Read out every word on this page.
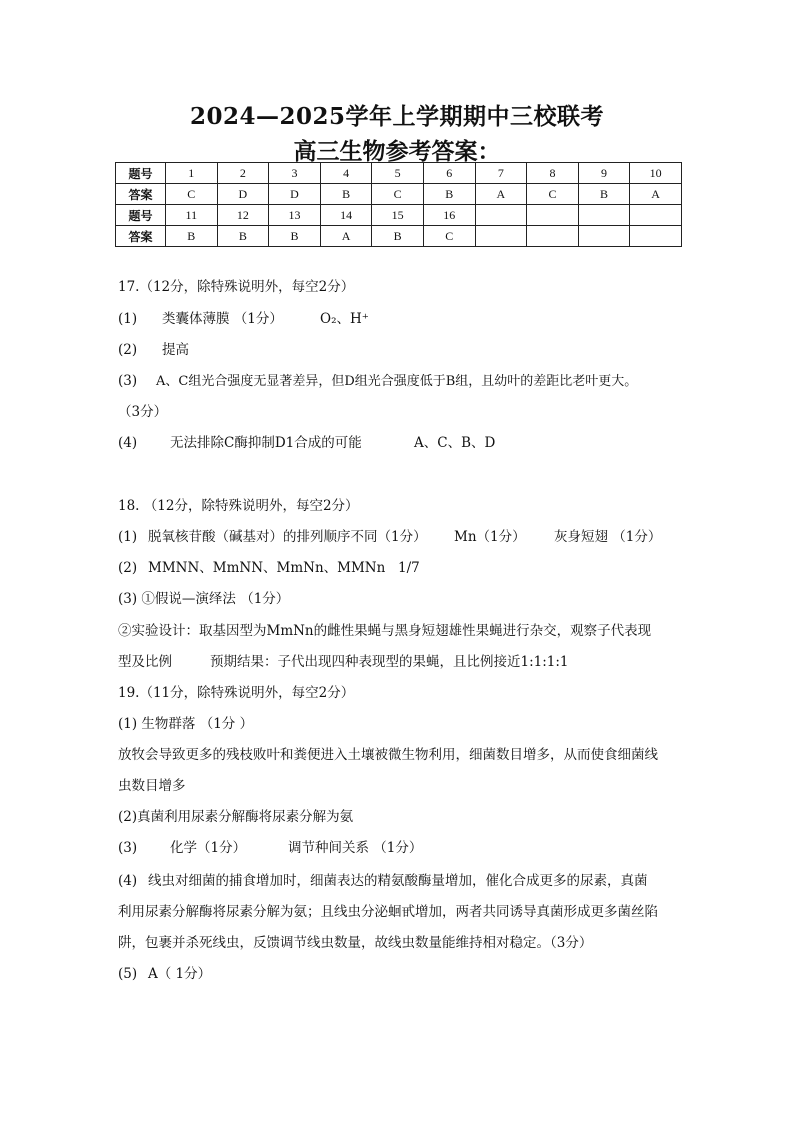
2024—2025学年上学期期中三校联考
高三生物参考答案：
题号	1	2	3	4	5	6	7	8	9	10
答案	C	D	D	B	C	B	A	C	B	A
题号	11	12	13	14	15	16				
答案	B	B	B	A	B	C				
17.（12分，除特殊说明外，每空2分）
(1) 类囊体薄膜 （1分）	O₂、H⁺
(2) 提高
(3) A、C组光合强度无显著差异，但D组光合强度低于B组，且幼叶的差距比老叶更大。
（3分）
(4) 无法排除C酶抑制D1合成的可能	A、C、B、D
18. （12分，除特殊说明外，每空2分）
(1) 脱氧核苷酸（碱基对）的排列顺序不同（1分） Mn（1分） 灰身短翅 （1分）
(2) MMNN、MmNN、MmNn、MMNn 1/7
(3) ①假说—演绎法 （1分）
②实验设计：取基因型为MmNn的雌性果蝇与黑身短翅雄性果蝇进行杂交，观察子代表现
型及比例	预期结果：子代出现四种表现型的果蝇，且比例接近1:1:1:1
19.（11分，除特殊说明外，每空2分）
(1) 生物群落 （1分 ）
放牧会导致更多的残枝败叶和粪便进入土壤被微生物利用，细菌数目增多，从而使食细菌线
虫数目增多
(2)真菌利用尿素分解酶将尿素分解为氨
(3) 化学（1分）	调节种间关系 （1分）
(4) 线虫对细菌的捕食增加时，细菌表达的精氨酸酶量增加，催化合成更多的尿素，真菌
利用尿素分解酶将尿素分解为氨；且线虫分泌蛔甙增加，两者共同诱导真菌形成更多菌丝陷
阱，包裹并杀死线虫，反馈调节线虫数量，故线虫数量能维持相对稳定。（3分）
(5) A（ 1分）
